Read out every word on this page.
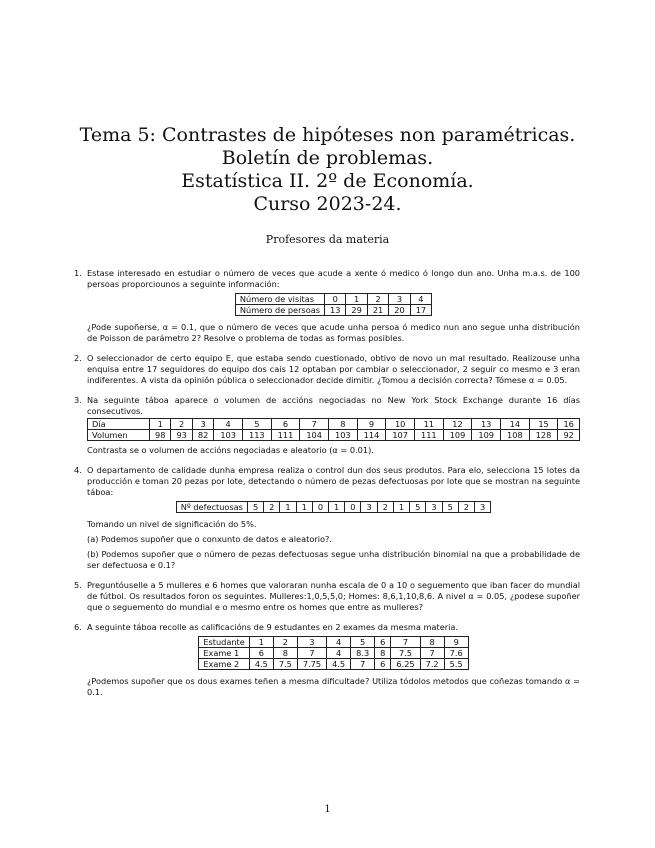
Tema 5: Contrastes de hipóteses non paramétricas.
Boletín de problemas.
Estatística II. 2º de Economía.
Curso 2023-24.
Profesores da materia
1. Estase interesado en estudiar o número de veces que acude a xente ó medico ó longo dun ano. Unha m.a.s. de 100 persoas proporciounos a seguinte información:

Número de visitas	0	1	2	3	4
Número de persoas	13	29	21	20	17

¿Pode supoñerse, α = 0.1, que o número de veces que acude unha persoa ó medico nun ano segue unha distribución de Poisson de parámetro 2? Resolve o problema de todas as formas posibles.

2. O seleccionador de certo equipo E, que estaba sendo cuestionado, obtivo de novo un mal resultado. Realizouse unha enquisa entre 17 seguidores do equipo dos cais 12 optaban por cambiar o seleccionador, 2 seguir co mesmo e 3 eran indiferentes. A vista da opinión pública o seleccionador decide dimitir. ¿Tomou a decisión correcta? Tómese α = 0.05.

3. Na seguinte táboa aparece o volumen de accións negociadas no New York Stock Exchange durante 16 días consecutivos.

Día	1	2	3	4	5	6	7	8	9	10	11	12	13	14	15	16
Volumen	98	93	82	103	113	111	104	103	114	107	111	109	109	108	128	92

Contrasta se o volumen de accións negociadas e aleatorio (α = 0.01).

4. O departamento de calidade dunha empresa realiza o control dun dos seus produtos. Para elo, selecciona 15 lotes da producción e toman 20 pezas por lote, detectando o número de pezas defectuosas por lote que se mostran na seguinte táboa:

Nº defectuosas	5	2	1	1	0	1	0	3	2	1	5	3	5	2	3

Tomando un nivel de significación do 5%.

(a) Podemos supoñer que o conxunto de datos e aleatorio?.

(b) Podemos supoñer que o número de pezas defectuosas segue unha distribución binomial na que a probabilidade de ser defectuosa e 0.1?

5. Preguntóuselle a 5 mulleres e 6 homes que valoraran nunha escala de 0 a 10 o seguemento que iban facer do mundial de fútbol. Os resultados foron os seguintes. Mulleres:1,0,5,5,0; Homes: 8,6,1,10,8,6. A nivel α = 0.05, ¿podese supoñer que o seguemento do mundial e o mesmo entre os homes que entre as mulleres?

6. A seguinte táboa recolle as calificacións de 9 estudantes en 2 exames da mesma materia.

Estudante	1	2	3	4	5	6	7	8	9
Exame 1	6	8	7	4	8.3	8	7.5	7	7.6
Exame 2	4.5	7.5	7.75	4.5	7	6	6.25	7.2	5.5

¿Podemos supoñer que os dous exames teñen a mesma dificultade? Utiliza tódolos metodos que coñezas tomando α = 0.1.

1
